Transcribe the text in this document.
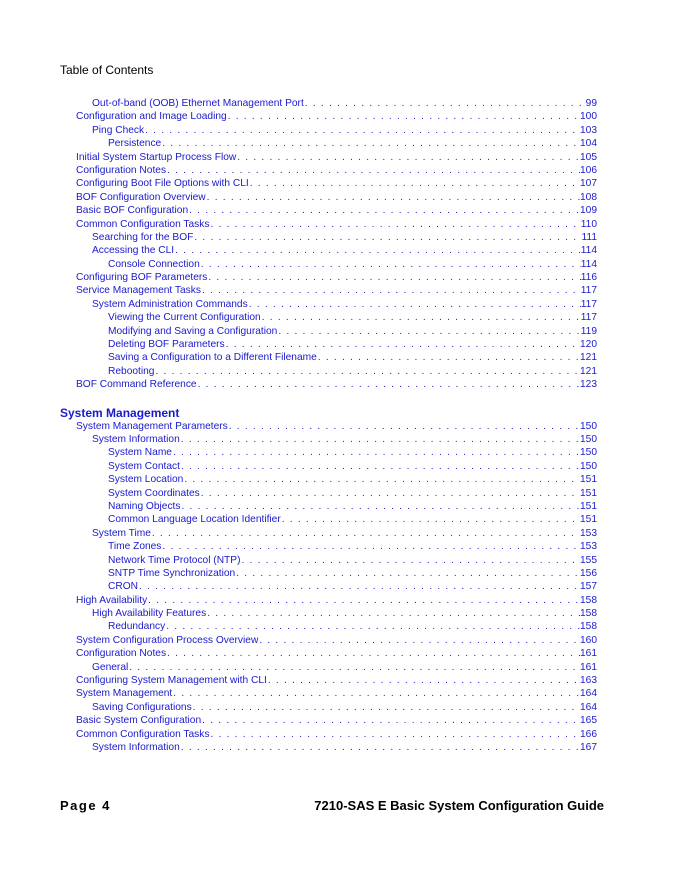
Table of Contents
Out-of-band (OOB) Ethernet Management Port . . .	99
Configuration and Image Loading . . .	100
Ping Check . . .	103
Persistence . . .	104
Initial System Startup Process Flow . . .	105
Configuration Notes . . .	106
Configuring Boot File Options with CLI . . .	107
BOF Configuration Overview . . .	108
Basic BOF Configuration . . .	109
Common Configuration Tasks . . .	110
Searching for the BOF . . .	111
Accessing the CLI . . .	114
Console Connection . . .	114
Configuring BOF Parameters . . .	116
Service Management Tasks . . .	117
System Administration Commands . . .	117
Viewing the Current Configuration . . .	117
Modifying and Saving a Configuration . . .	119
Deleting BOF Parameters . . .	120
Saving a Configuration to a Different Filename . . .	121
Rebooting . . .	121
BOF Command Reference . . .	123
System Management
System Management Parameters . . .	150
System Information . . .	150
System Name . . .	150
System Contact . . .	150
System Location . . .	151
System Coordinates . . .	151
Naming Objects . . .	151
Common Language Location Identifier . . .	151
System Time . . .	153
Time Zones . . .	153
Network Time Protocol (NTP) . . .	155
SNTP Time Synchronization . . .	156
CRON . . .	157
High Availability . . .	158
High Availability Features . . .	158
Redundancy . . .	158
System Configuration Process Overview . . .	160
Configuration Notes . . .	161
General . . .	161
Configuring System Management with CLI . . .	163
System Management . . .	164
Saving Configurations . . .	164
Basic System Configuration . . .	165
Common Configuration Tasks . . .	166
System Information . . .	167
Page 4	7210-SAS E Basic System Configuration Guide
